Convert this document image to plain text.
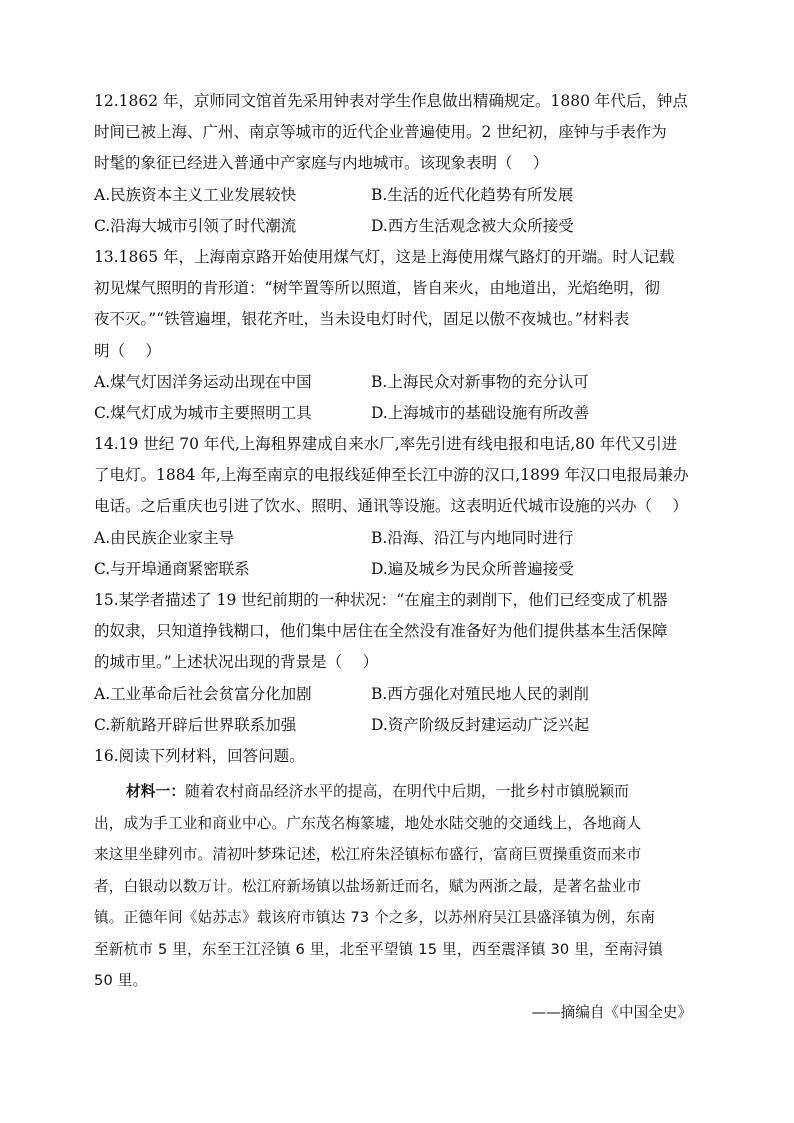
12.1862 年，京师同文馆首先采用钟表对学生作息做出精确规定。1880 年代后，钟点
时间已被上海、广州、南京等城市的近代企业普遍使用。2 世纪初，座钟与手表作为
时髦的象征已经进入普通中产家庭与内地城市。该现象表明（　 ）
A.民族资本主义工业发展较快	B.生活的近代化趋势有所发展
C.沿海大城市引领了时代潮流	D.西方生活观念被大众所接受
13.1865 年，上海南京路开始使用煤气灯，这是上海使用煤气路灯的开端。时人记载
初见煤气照明的肯形道：“树竿置等所以照道，皆自来火，由地道出，光焰绝明，彻
夜不灭。”“铁管遍埋，银花齐吐，当未设电灯时代，固足以傲不夜城也。”材料表
明（　 ）
A.煤气灯因洋务运动出现在中国	B.上海民众对新事物的充分认可
C.煤气灯成为城市主要照明工具	D.上海城市的基础设施有所改善
14.19 世纪 70 年代,上海租界建成自来水厂,率先引进有线电报和电话,80 年代又引进
了电灯。1884 年,上海至南京的电报线延伸至长江中游的汉口,1899 年汉口电报局兼办
电话。之后重庆也引进了饮水、照明、通讯等设施。这表明近代城市设施的兴办（　 ）
A.由民族企业家主导	B.沿海、沿江与内地同时进行
C.与开埠通商紧密联系	D.遍及城乡为民众所普遍接受
15.某学者描述了 19 世纪前期的一种状况：“在雇主的剥削下，他们已经变成了机器
的奴隶，只知道挣钱糊口，他们集中居住在全然没有准备好为他们提供基本生活保障
的城市里。”上述状况出现的背景是（　 ）
A.工业革命后社会贫富分化加剧	B.西方强化对殖民地人民的剥削
C.新航路开辟后世界联系加强	D.资产阶级反封建运动广泛兴起
16.阅读下列材料，回答问题。
材料一：随着农村商品经济水平的提高，在明代中后期，一批乡村市镇脱颖而
出，成为手工业和商业中心。广东茂名梅篆墟，地处水陆交驰的交通线上，各地商人
来这里坐肆列市。清初叶梦珠记述，松江府朱泾镇标布盛行，富商巨贾操重资而来市
者，白银动以数万计。松江府新场镇以盐场新迁而名，赋为两浙之最，是著名盐业市
镇。正德年间《姑苏志》载该府市镇达 73 个之多，以苏州府吴江县盛泽镇为例，东南
至新杭市 5 里，东至王江泾镇 6 里，北至平望镇 15 里，西至震泽镇 30 里，至南浔镇
50 里。
——摘编自《中国全史》
